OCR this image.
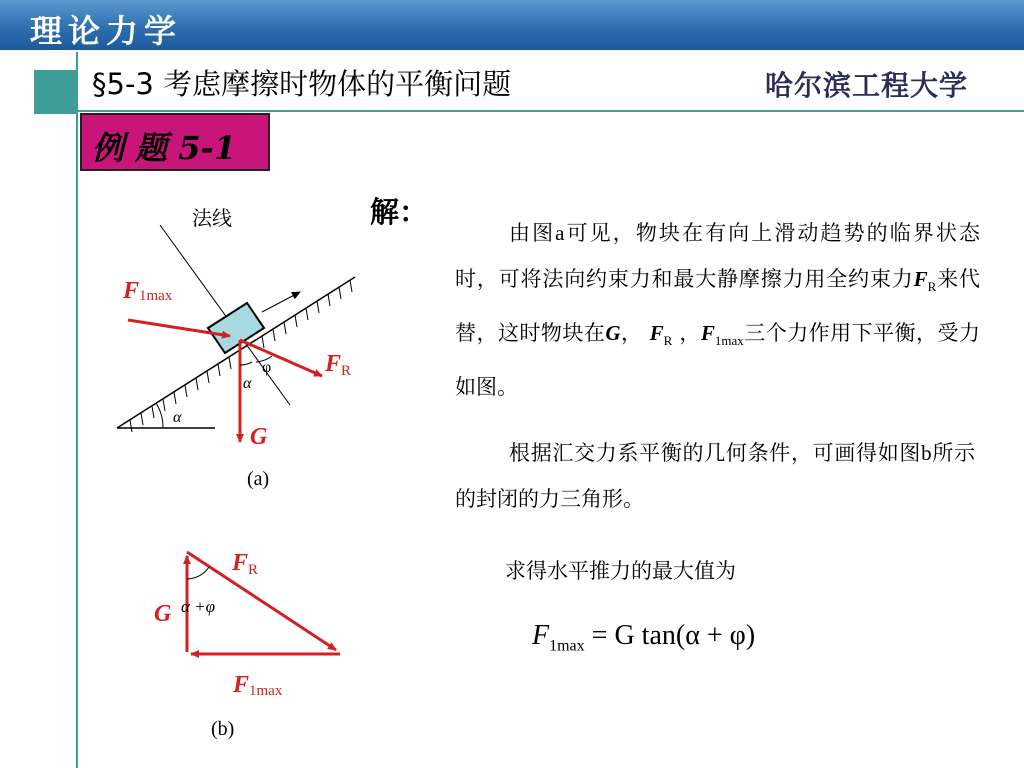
理论力学
§5-3 考虑摩擦时物体的平衡问题	哈尔滨工程大学
例 题 5-1
法线
F1max
FR
G
φ
α
α
(a)
FR
G α +φ
F1max
(b)
解：
由图a可见，物块在有向上滑动趋势的临界状态时，可将法向约束力和最大静摩擦力用全约束力$F_R$来代替，这时物块在G， $F_R$ ，$F_{1max}$三个力作用下平衡，受力如图。
根据汇交力系平衡的几何条件，可画得如图b所示的封闭的力三角形。
求得水平推力的最大值为
$F_{1max} = G$ tan(α + φ)
